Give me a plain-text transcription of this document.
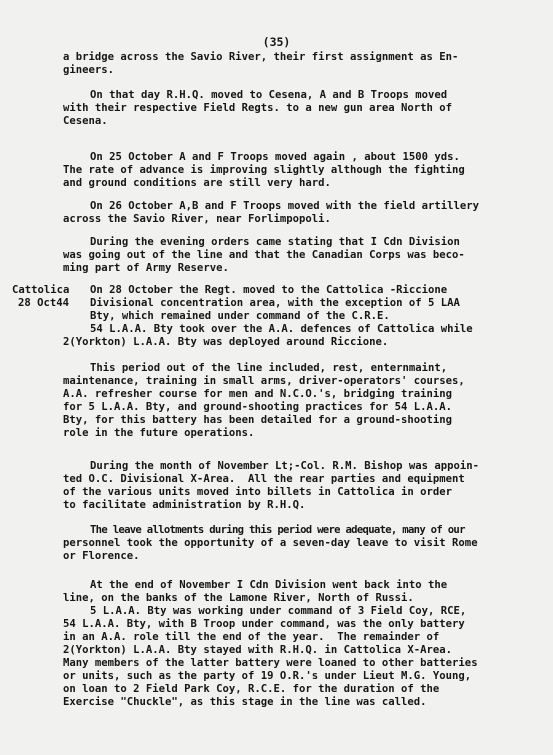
(35)
a bridge across the Savio River, their first assignment as En-
gineers.
On that day R.H.Q. moved to Cesena, A and B Troops moved
with their respective Field Regts. to a new gun area North of
Cesena.
On 25 October A and F Troops moved again , about 1500 yds.
The rate of advance is improving slightly although the fighting
and ground conditions are still very hard.
On 26 October A,B and F Troops moved with the field artillery
across the Savio River, near Forlimpopoli.
During the evening orders came stating that I Cdn Division
was going out of the line and that the Canadian Corps was beco-
ming part of Army Reserve.
Cattolica
28 Oct44
On 28 October the Regt. moved to the Cattolica -Riccione
Divisional concentration area, with the exception of 5 LAA
Bty, which remained under command of the C.R.E.
54 L.A.A. Bty took over the A.A. defences of Cattolica while
2(Yorkton) L.A.A. Bty was deployed around Riccione.
This period out of the line included, rest, enternmaint,
maintenance, training in small arms, driver-operators' courses,
A.A. refresher course for men and N.C.O.'s, bridging training
for 5 L.A.A. Bty, and ground-shooting practices for 54 L.A.A.
Bty, for this battery has been detailed for a ground-shooting
role in the future operations.
During the month of November Lt;-Col. R.M. Bishop was appoin-
ted O.C. Divisional X-Area.  All the rear parties and equipment
of the various units moved into billets in Cattolica in order
to facilitate administration by R.H.Q.
The leave allotments during this period were adequate, many of our
personnel took the opportunity of a seven-day leave to visit Rome
or Florence.
At the end of November I Cdn Division went back into the
line, on the banks of the Lamone River, North of Russi.
5 L.A.A. Bty was working under command of 3 Field Coy, RCE,
54 L.A.A. Bty, with B Troop under command, was the only battery
in an A.A. role till the end of the year.  The remainder of
2(Yorkton) L.A.A. Bty stayed with R.H.Q. in Cattolica X-Area.
Many members of the latter battery were loaned to other batteries
or units, such as the party of 19 O.R.'s under Lieut M.G. Young,
on loan to 2 Field Park Coy, R.C.E. for the duration of the
Exercise "Chuckle", as this stage in the line was called.
